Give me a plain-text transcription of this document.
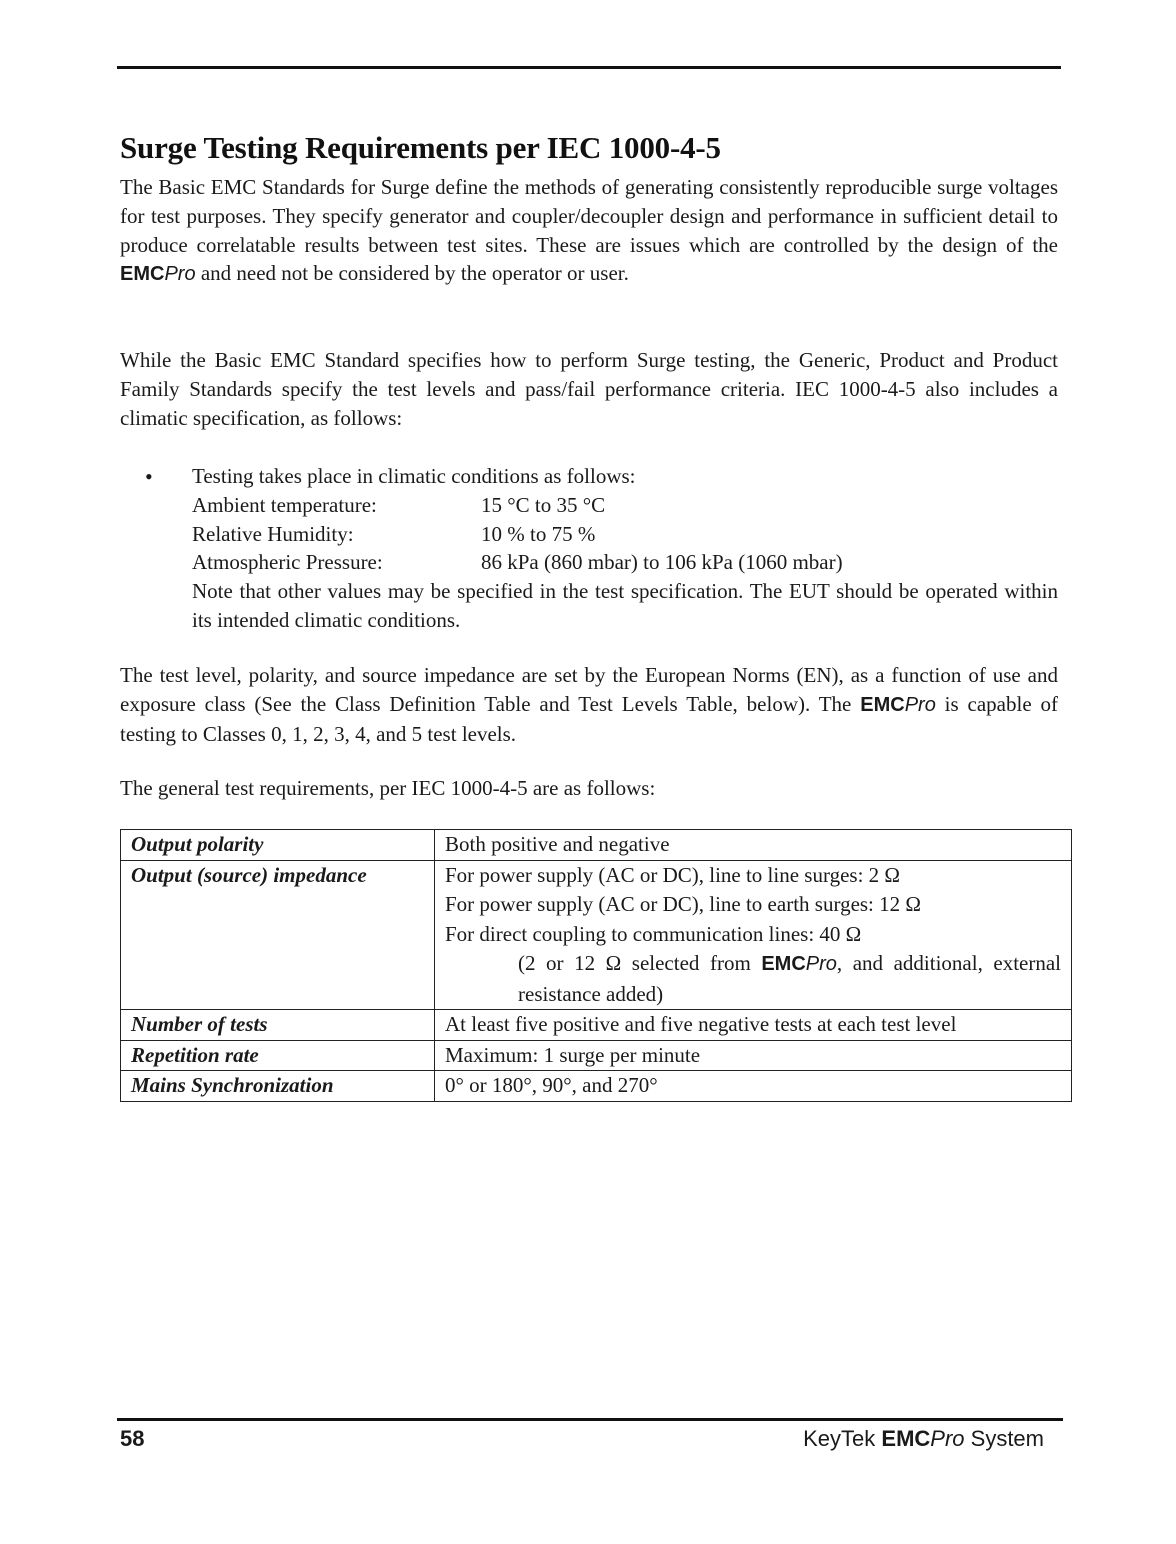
Surge Testing Requirements per IEC 1000-4-5

The Basic EMC Standards for Surge define the methods of generating consistently reproducible surge voltages for test purposes. They specify generator and coupler/decoupler design and performance in sufficient detail to produce correlatable results between test sites. These are issues which are controlled by the design of the EMCPro and need not be considered by the operator or user.

While the Basic EMC Standard specifies how to perform Surge testing, the Generic, Product and Product Family Standards specify the test levels and pass/fail performance criteria. IEC 1000-4-5 also includes a climatic specification, as follows:

• Testing takes place in climatic conditions as follows:
Ambient temperature:	15 °C to 35 °C
Relative Humidity:	10 % to 75 %
Atmospheric Pressure:	86 kPa (860 mbar) to 106 kPa (1060 mbar)

Note that other values may be specified in the test specification. The EUT should be operated within its intended climatic conditions.

The test level, polarity, and source impedance are set by the European Norms (EN), as a function of use and exposure class (See the Class Definition Table and Test Levels Table, below). The EMCPro is capable of testing to Classes 0, 1, 2, 3, 4, and 5 test levels.

The general test requirements, per IEC 1000-4-5 are as follows:

Output polarity	Both positive and negative

Output (source) impedance	For power supply (AC or DC), line to line surges: 2 Ω
For power supply (AC or DC), line to earth surges: 12 Ω
For direct coupling to communication lines: 40 Ω
(2 or 12 Ω selected from EMCPro, and additional, external resistance added)

Number of tests	At least five positive and five negative tests at each test level

Repetition rate	Maximum: 1 surge per minute

Mains Synchronization	0° or 180°, 90°, and 270°

58	KeyTek EMCPro System
